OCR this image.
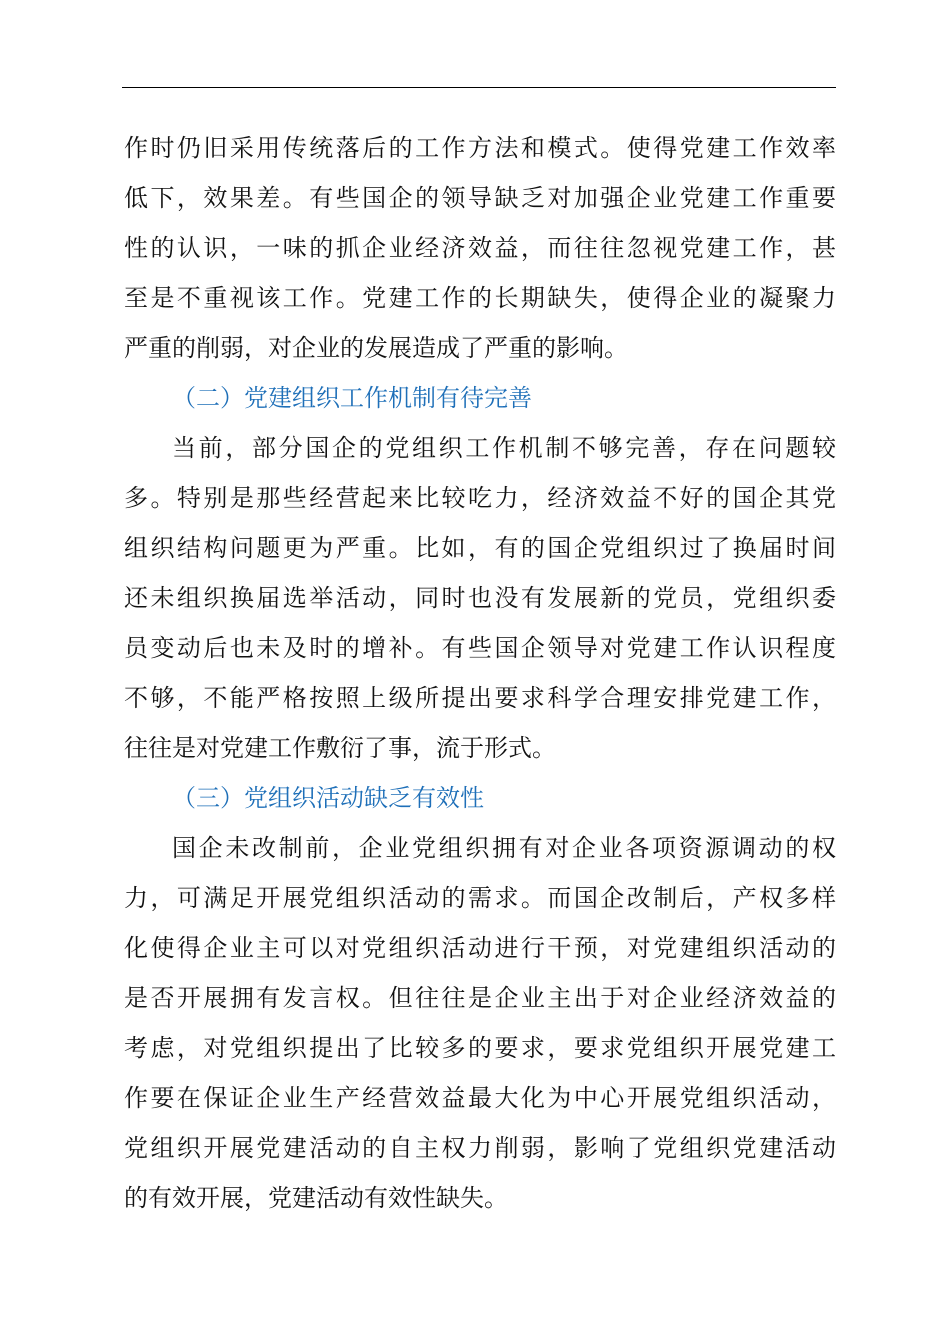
作时仍旧采用传统落后的工作方法和模式。使得党建工作效率
低下，效果差。有些国企的领导缺乏对加强企业党建工作重要
性的认识，一味的抓企业经济效益，而往往忽视党建工作，甚
至是不重视该工作。党建工作的长期缺失，使得企业的凝聚力
严重的削弱，对企业的发展造成了严重的影响。
（二）党建组织工作机制有待完善
当前，部分国企的党组织工作机制不够完善，存在问题较
多。特别是那些经营起来比较吃力，经济效益不好的国企其党
组织结构问题更为严重。比如，有的国企党组织过了换届时间
还未组织换届选举活动，同时也没有发展新的党员，党组织委
员变动后也未及时的增补。有些国企领导对党建工作认识程度
不够，不能严格按照上级所提出要求科学合理安排党建工作，
往往是对党建工作敷衍了事，流于形式。
（三）党组织活动缺乏有效性
国企未改制前，企业党组织拥有对企业各项资源调动的权
力，可满足开展党组织活动的需求。而国企改制后，产权多样
化使得企业主可以对党组织活动进行干预，对党建组织活动的
是否开展拥有发言权。但往往是企业主出于对企业经济效益的
考虑，对党组织提出了比较多的要求，要求党组织开展党建工
作要在保证企业生产经营效益最大化为中心开展党组织活动，
党组织开展党建活动的自主权力削弱，影响了党组织党建活动
的有效开展，党建活动有效性缺失。
